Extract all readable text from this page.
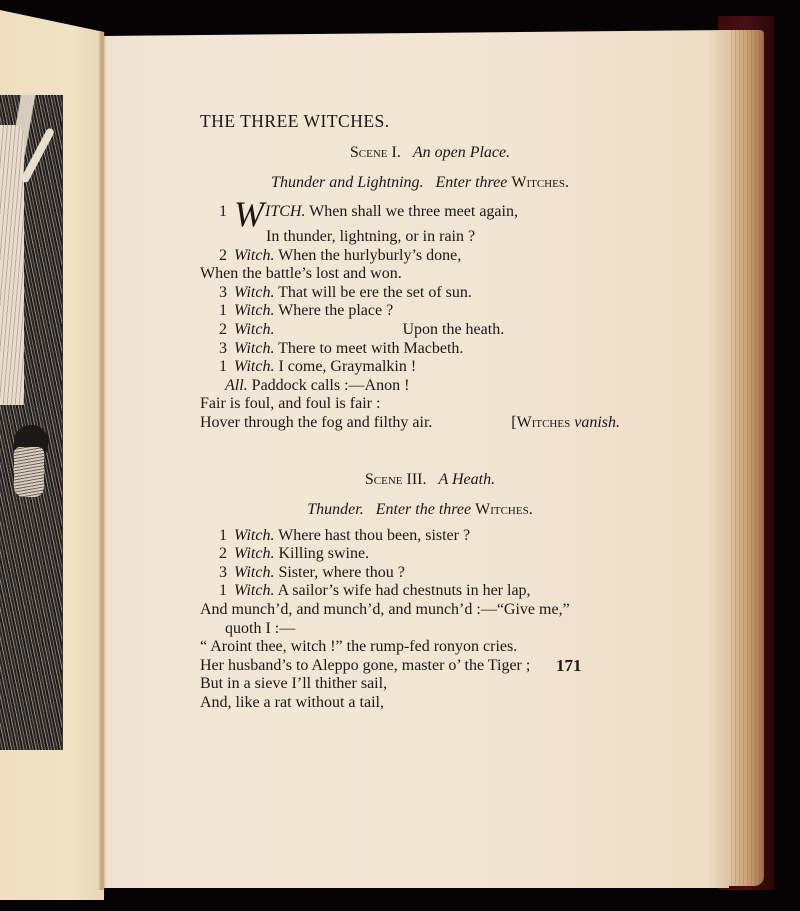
THE THREE WITCHES.
Scene I. An open Place.
Thunder and Lightning. Enter three Witches.
1 WITCH. When shall we three meet again,
In thunder, lightning, or in rain ?
2 Witch. When the hurlyburly’s done,
When the battle’s lost and won.
3 Witch. That will be ere the set of sun.
1 Witch. Where the place ?
2 Witch.	Upon the heath.
3 Witch. There to meet with Macbeth.
1 Witch. I come, Graymalkin !
All. Paddock calls :—Anon !
Fair is foul, and foul is fair :
Hover through the fog and filthy air.	[Witches vanish.
Scene III. A Heath.
Thunder. Enter the three Witches.
1 Witch. Where hast thou been, sister ?
2 Witch. Killing swine.
3 Witch. Sister, where thou ?
1 Witch. A sailor’s wife had chestnuts in her lap,
And munch’d, and munch’d, and munch’d :—“Give me,”
quoth I :—
“ Aroint thee, witch !” the rump-fed ronyon cries.
Her husband’s to Aleppo gone, master o’ the Tiger ;
But in a sieve I’ll thither sail,
And, like a rat without a tail,
171
